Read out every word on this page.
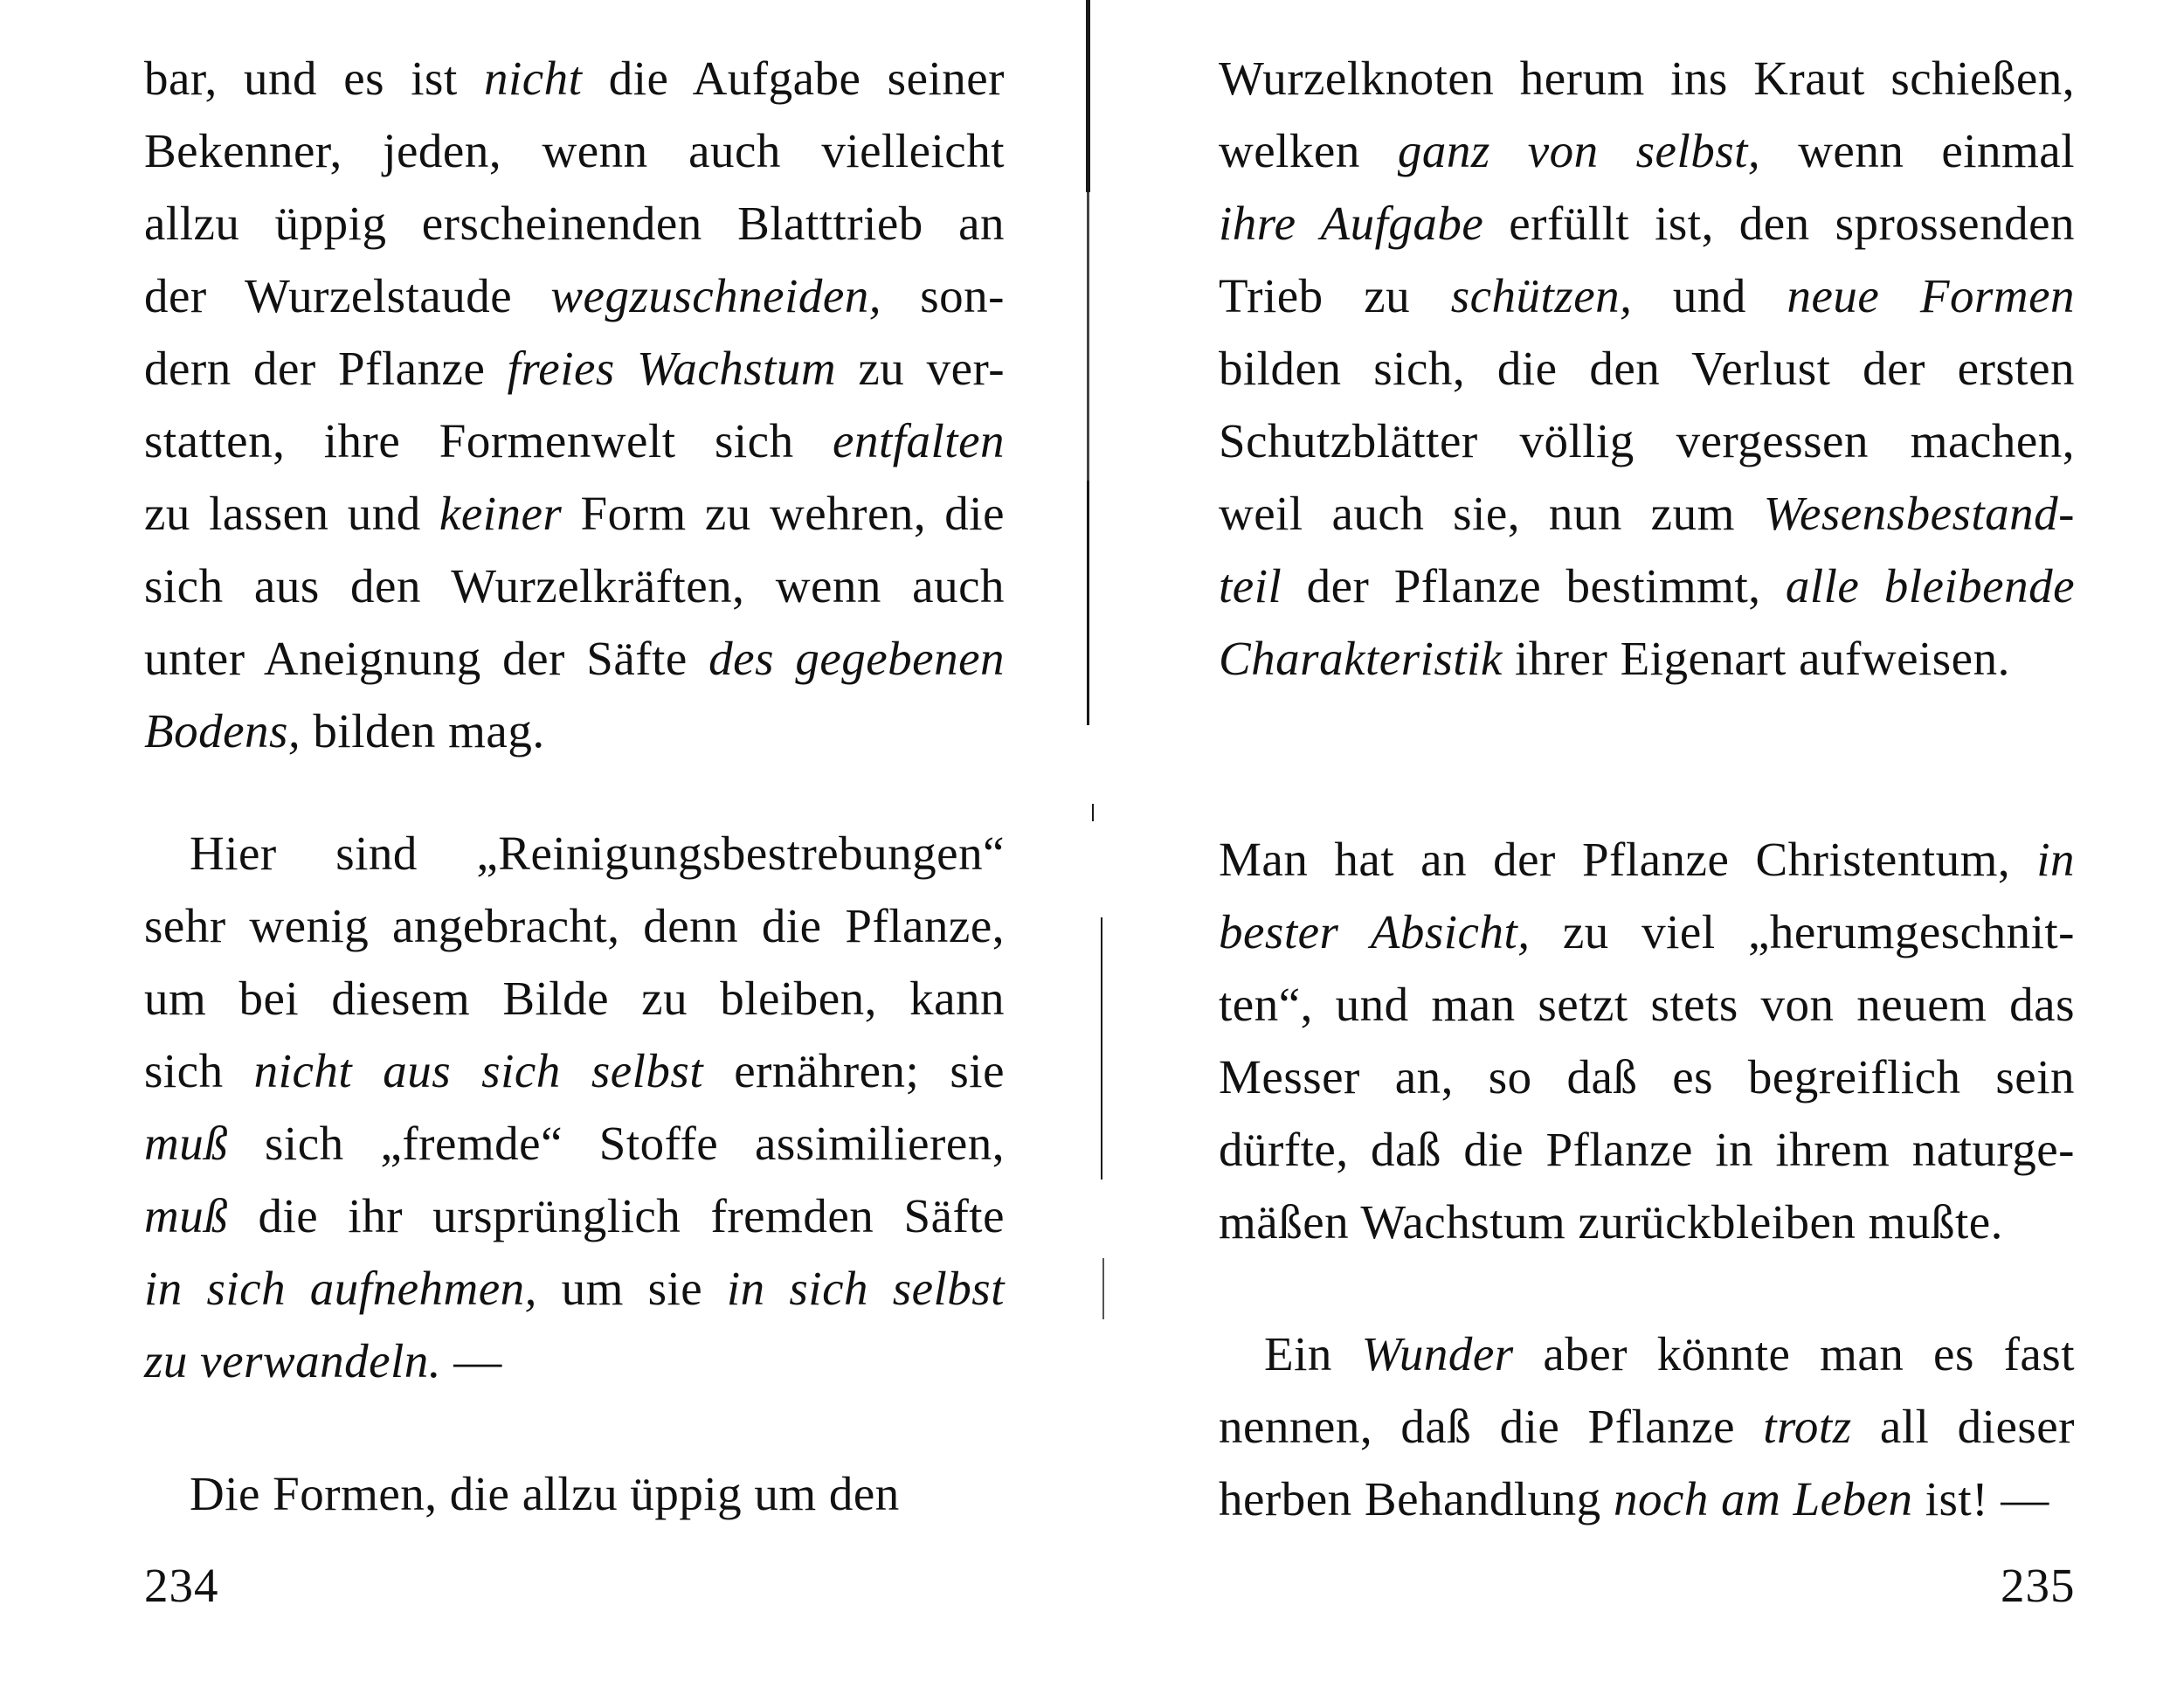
bar, und es ist nicht die Aufgabe seiner
Bekenner, jeden, wenn auch vielleicht
allzu üppig erscheinenden Blatttrieb an
der Wurzelstaude wegzuschneiden, son-
dern der Pflanze freies Wachstum zu ver-
statten, ihre Formenwelt sich entfalten
zu lassen und keiner Form zu wehren, die
sich aus den Wurzelkräften, wenn auch
unter Aneignung der Säfte des gegebenen
Bodens, bilden mag.
Hier sind „Reinigungsbestrebungen“
sehr wenig angebracht, denn die Pflanze,
um bei diesem Bilde zu bleiben, kann
sich nicht aus sich selbst ernähren; sie
muß sich „fremde“ Stoffe assimilieren,
muß die ihr ursprünglich fremden Säfte
in sich aufnehmen, um sie in sich selbst
zu verwandeln. —
Die Formen, die allzu üppig um den
Wurzelknoten herum ins Kraut schießen,
welken ganz von selbst, wenn einmal
ihre Aufgabe erfüllt ist, den sprossenden
Trieb zu schützen, und neue Formen
bilden sich, die den Verlust der ersten
Schutzblätter völlig vergessen machen,
weil auch sie, nun zum Wesensbestand-
teil der Pflanze bestimmt, alle bleibende
Charakteristik ihrer Eigenart aufweisen.
Man hat an der Pflanze Christentum, in
bester Absicht, zu viel „herumgeschnit-
ten“, und man setzt stets von neuem das
Messer an, so daß es begreiflich sein
dürfte, daß die Pflanze in ihrem naturge-
mäßen Wachstum zurückbleiben mußte.
Ein Wunder aber könnte man es fast
nennen, daß die Pflanze trotz all dieser
herben Behandlung noch am Leben ist! —
234	235
